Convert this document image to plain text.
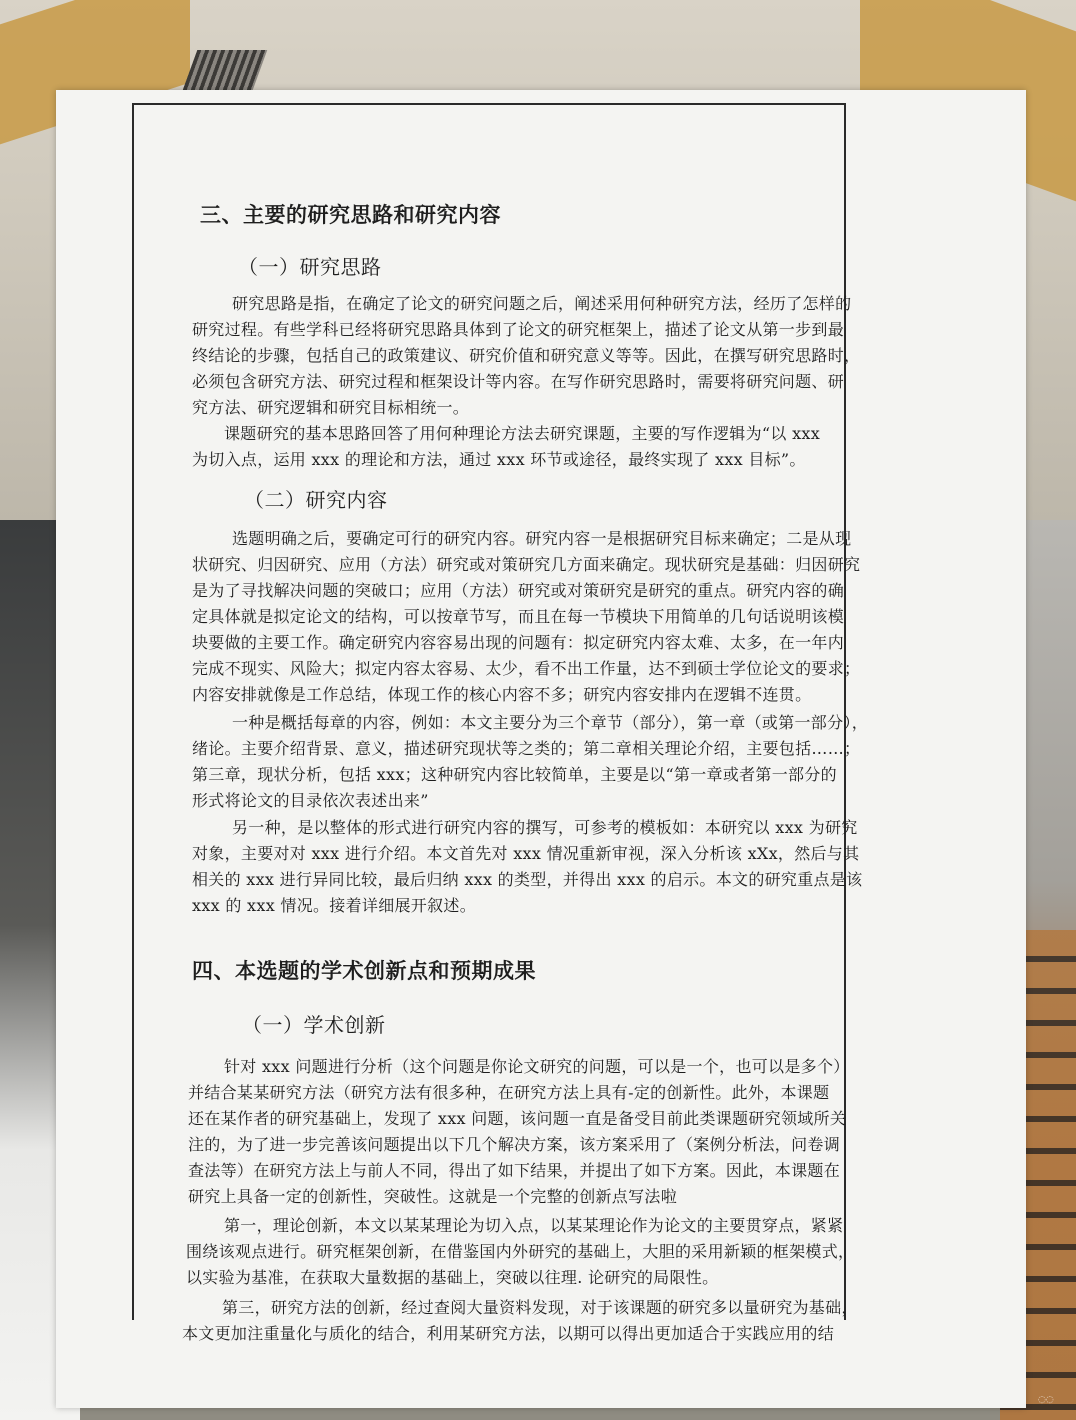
三、主要的研究思路和研究内容
（一）研究思路
研究思路是指，在确定了论文的研究问题之后，阐述采用何种研究方法，经历了怎样的
研究过程。有些学科已经将研究思路具体到了论文的研究框架上，描述了论文从第一步到最
终结论的步骤，包括自己的政策建议、研究价值和研究意义等等。因此，在撰写研究思路时，
必须包含研究方法、研究过程和框架设计等内容。在写作研究思路时，需要将研究问题、研
究方法、研究逻辑和研究目标相统一。
课题研究的基本思路回答了用何种理论方法去研究课题，主要的写作逻辑为“以 xxx
为切入点，运用 xxx 的理论和方法，通过 xxx 环节或途径，最终实现了 xxx 目标”。
（二）研究内容
选题明确之后，要确定可行的研究内容。研究内容一是根据研究目标来确定；二是从现
状研究、归因研究、应用（方法）研究或对策研究几方面来确定。现状研究是基础：归因研究
是为了寻找解决问题的突破口；应用（方法）研究或对策研究是研究的重点。研究内容的确
定具体就是拟定论文的结构，可以按章节写，而且在每一节模块下用简单的几句话说明该模
块要做的主要工作。确定研究内容容易出现的问题有：拟定研究内容太难、太多，在一年内
完成不现实、风险大；拟定内容太容易、太少，看不出工作量，达不到硕士学位论文的要求；
内容安排就像是工作总结，体现工作的核心内容不多；研究内容安排内在逻辑不连贯。
一种是概括每章的内容，例如：本文主要分为三个章节（部分），第一章（或第一部分），
绪论。主要介绍背景、意义，描述研究现状等之类的；第二章相关理论介绍，主要包括……；
第三章，现状分析，包括 xxx；这种研究内容比较简单，主要是以“第一章或者第一部分的
形式将论文的目录依次表述出来”
另一种，是以整体的形式进行研究内容的撰写，可参考的模板如：本研究以 xxx 为研究
对象，主要对对 xxx 进行介绍。本文首先对 xxx 情况重新审视，深入分析该 xXx，然后与其
相关的 xxx 进行异同比较，最后归纳 xxx 的类型，并得出 xxx 的启示。本文的研究重点是该
xxx 的 xxx 情况。接着详细展开叙述。
四、本选题的学术创新点和预期成果
（一）学术创新
针对 xxx 问题进行分析（这个问题是你论文研究的问题，可以是一个，也可以是多个）
并结合某某研究方法（研究方法有很多种，在研究方法上具有-定的创新性。此外，本课题
还在某作者的研究基础上，发现了 xxx 问题，该问题一直是备受目前此类课题研究领域所关
注的，为了进一步完善该问题提出以下几个解决方案，该方案采用了（案例分析法，问卷调
查法等）在研究方法上与前人不同，得出了如下结果，并提出了如下方案。因此，本课题在
研究上具备一定的创新性，突破性。这就是一个完整的创新点写法啦
第一，理论创新，本文以某某理论为切入点，以某某理论作为论文的主要贯穿点，紧紧
围绕该观点进行。研究框架创新，在借鉴国内外研究的基础上，大胆的采用新颖的框架模式，
以实验为基准，在获取大量数据的基础上，突破以往理. 论研究的局限性。
第三，研究方法的创新，经过查阅大量资料发现，对于该课题的研究多以量研究为基础，
本文更加注重量化与质化的结合，利用某研究方法，以期可以得出更加适合于实践应用的结
◌◌
